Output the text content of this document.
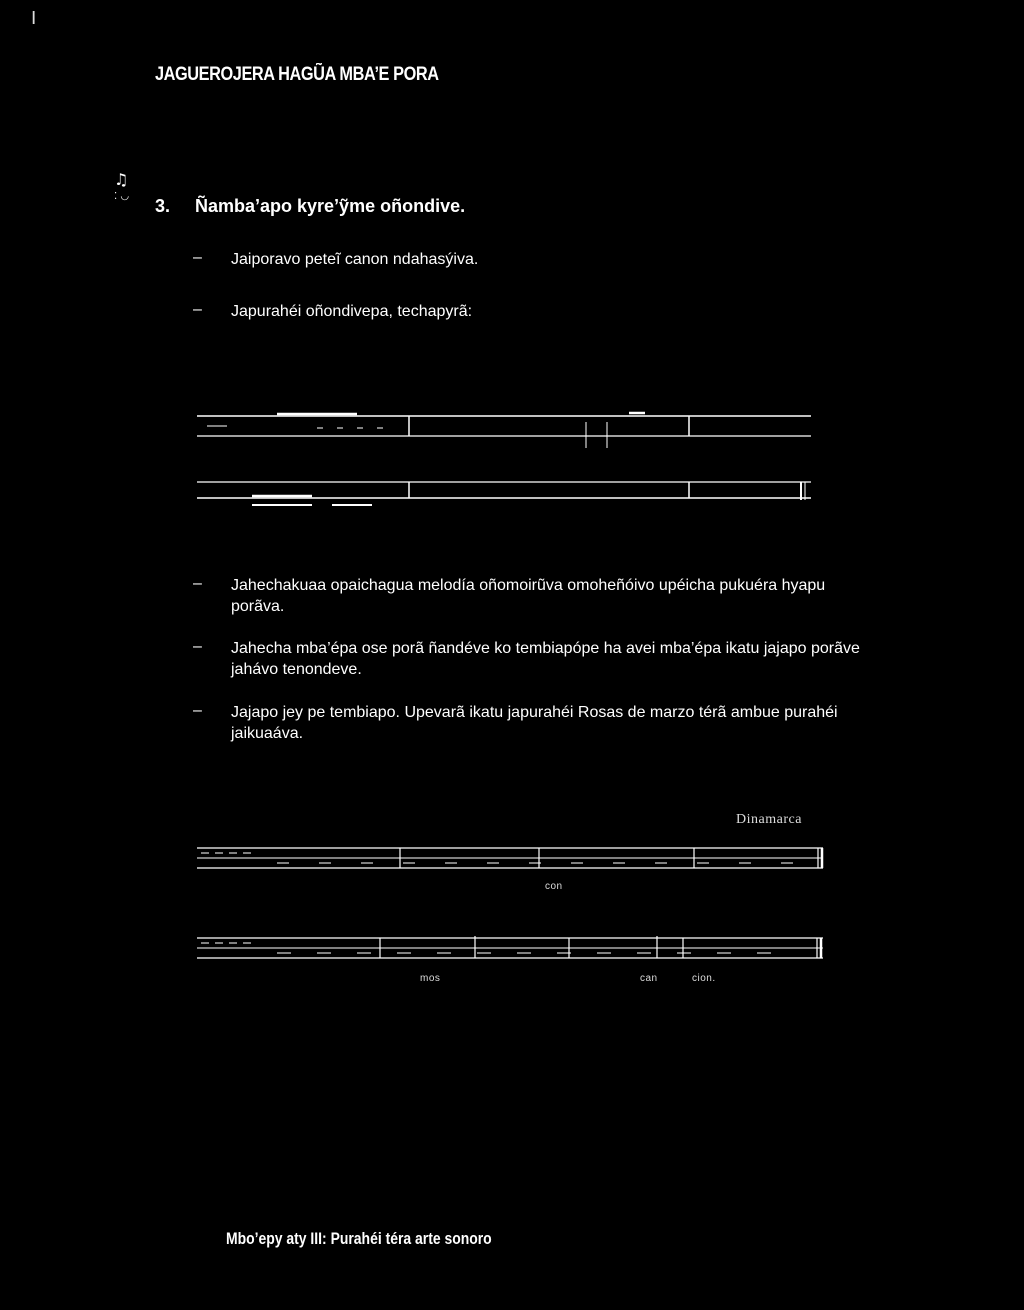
I
JAGUEROJERA HAGŨA MBA’E PORA
♫
⁚ ◡ 3. Ñamba’apo kyre’ỹme oñondive.
– Jaiporavo peteĩ canon ndahasýiva.
– Japurahéi oñondivepa, techapyrã:
– Jahechakuaa opaichagua melodía oñomoirũva omoheñóivo upéicha pukuéra hyapu porãva.
– Jahecha mba’épa ose porã ñandéve ko tembiapópe ha avei mba’épa ikatu jajapo porãve jahávo tenondeve.
– Jajapo jey pe tembiapo. Upevarã ikatu japurahéi Rosas de marzo térã ambue purahéi jaikuaáva.
Dinamarca
con
mos	can	cion.
Mbo’epy aty III: Purahéi téra arte sonoro
